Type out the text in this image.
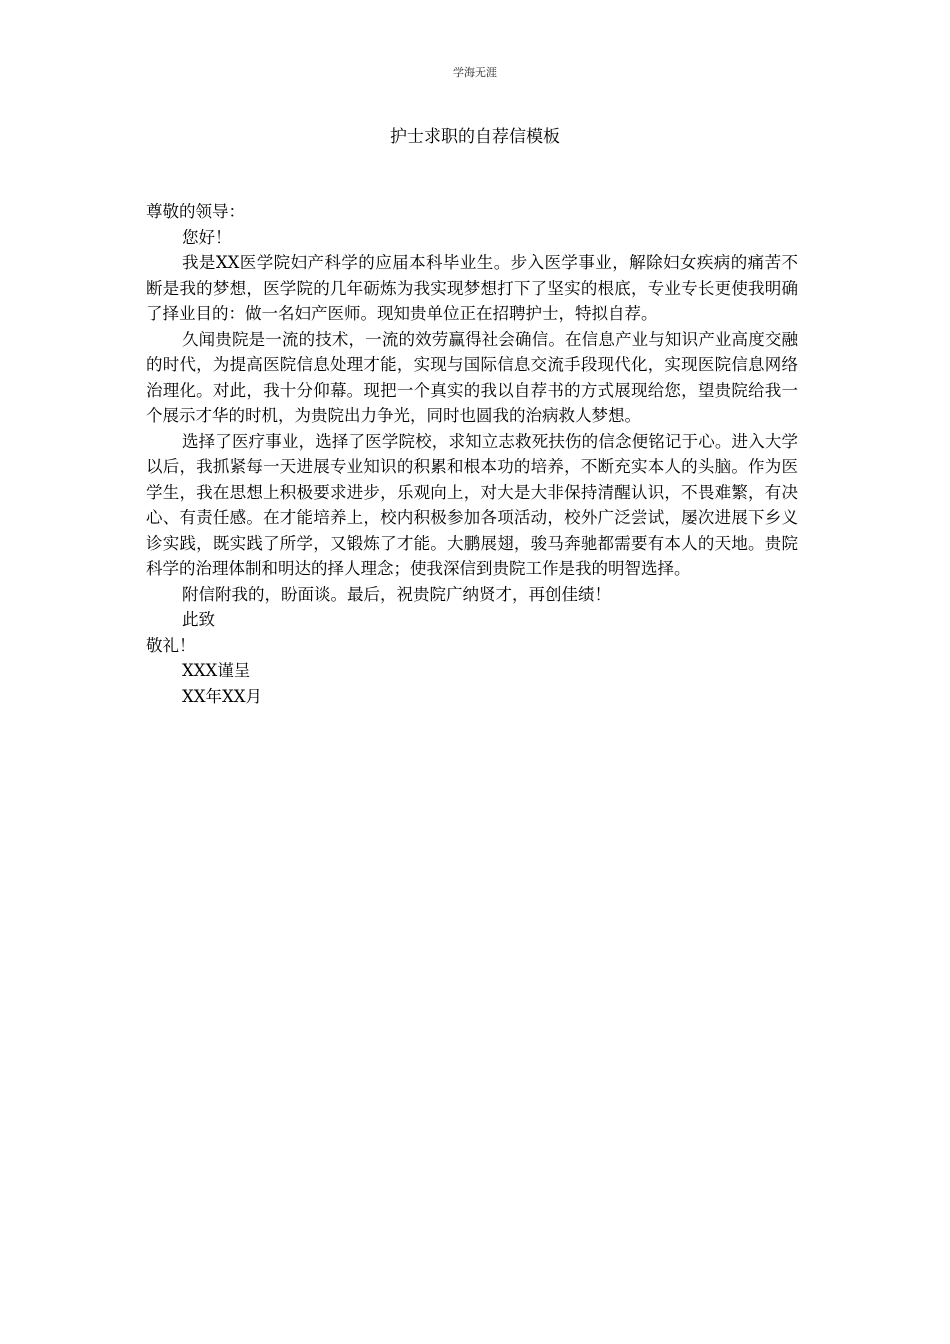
学海无涯
护士求职的自荐信模板

尊敬的领导：

您好！

我是XX医学院妇产科学的应届本科毕业生。步入医学事业，解除妇女疾病的痛苦不断是我的梦想，医学院的几年砺炼为我实现梦想打下了坚实的根底，专业专长更使我明确了择业目的：做一名妇产医师。现知贵单位正在招聘护士，特拟自荐。

久闻贵院是一流的技术，一流的效劳赢得社会确信。在信息产业与知识产业高度交融的时代，为提高医院信息处理才能，实现与国际信息交流手段现代化，实现医院信息网络治理化。对此，我十分仰幕。现把一个真实的我以自荐书的方式展现给您，望贵院给我一个展示才华的时机，为贵院出力争光，同时也圆我的治病救人梦想。

选择了医疗事业，选择了医学院校，求知立志救死扶伤的信念便铭记于心。进入大学以后，我抓紧每一天进展专业知识的积累和根本功的培养，不断充实本人的头脑。作为医学生，我在思想上积极要求进步，乐观向上，对大是大非保持清醒认识，不畏难繁，有决心、有责任感。在才能培养上，校内积极参加各项活动，校外广泛尝试，屡次进展下乡义诊实践，既实践了所学，又锻炼了才能。大鹏展翅，骏马奔驰都需要有本人的天地。贵院科学的治理体制和明达的择人理念；使我深信到贵院工作是我的明智选择。

附信附我的，盼面谈。最后，祝贵院广纳贤才，再创佳绩！

此致

敬礼！

XXX谨呈

XX年XX月
